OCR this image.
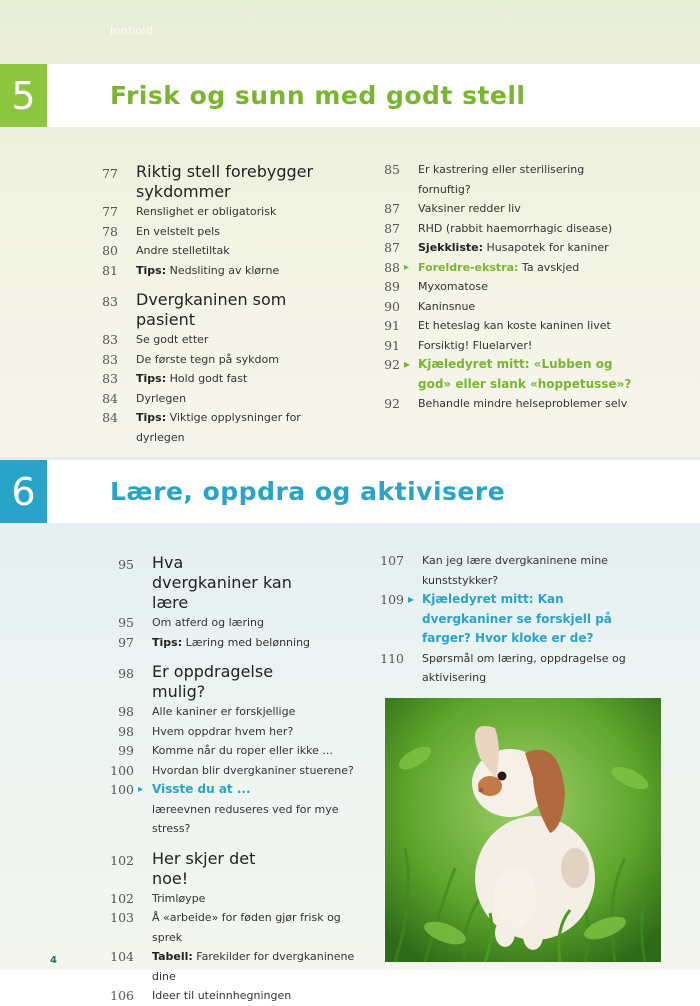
Innhold
5	Frisk og sunn med godt stell
77 Riktig stell forebygger sykdommer
77 Renslighet er obligatorisk
78 En velstelt pels
80 Andre stelletiltak
81 Tips: Nedsliting av klørne
83 Dvergkaninen som pasient
83 Se godt etter
83 De første tegn på sykdom
83 Tips: Hold godt fast
84 Dyrlegen
84 Tips: Viktige opplysninger for dyrlegen
85 Er kastrering eller sterilisering fornuftig?
87 Vaksiner redder liv
87 RHD (rabbit haemorrhagic disease)
87 Sjekkliste: Husapotek for kaniner
88 ▸ Foreldre-ekstra: Ta avskjed
89 Myxomatose
90 Kaninsnue
91 Et heteslag kan koste kaninen livet
91 Forsiktig! Fluelarver!
92 ▸ Kjæledyret mitt: «Lubben og god» eller slank «hoppetusse»?
92 Behandle mindre helseproblemer selv
6	Lære, oppdra og aktivisere
95 Hva dvergkaniner kan lære
95 Om atferd og læring
97 Tips: Læring med belønning
98 Er oppdragelse mulig?
98 Alle kaniner er forskjellige
98 Hvem oppdrar hvem her?
99 Komme når du roper eller ikke ...
100 Hvordan blir dvergkaniner stuerene?
100 ▸ Visste du at ...
læreevnen reduseres ved for mye stress?
102 Her skjer det noe!
102 Trimløype
103 Å «arbeide» for føden gjør frisk og sprek
104 Tabell: Farekilder for dvergkaninene dine
106 Ideer til uteinnhegningen
107 Kan jeg lære dvergkaninene mine kunststykker?
109 ▸ Kjæledyret mitt: Kan dvergkaniner se forskjell på farger? Hvor kloke er de?
110 Spørsmål om læring, oppdragelse og aktivisering
4
